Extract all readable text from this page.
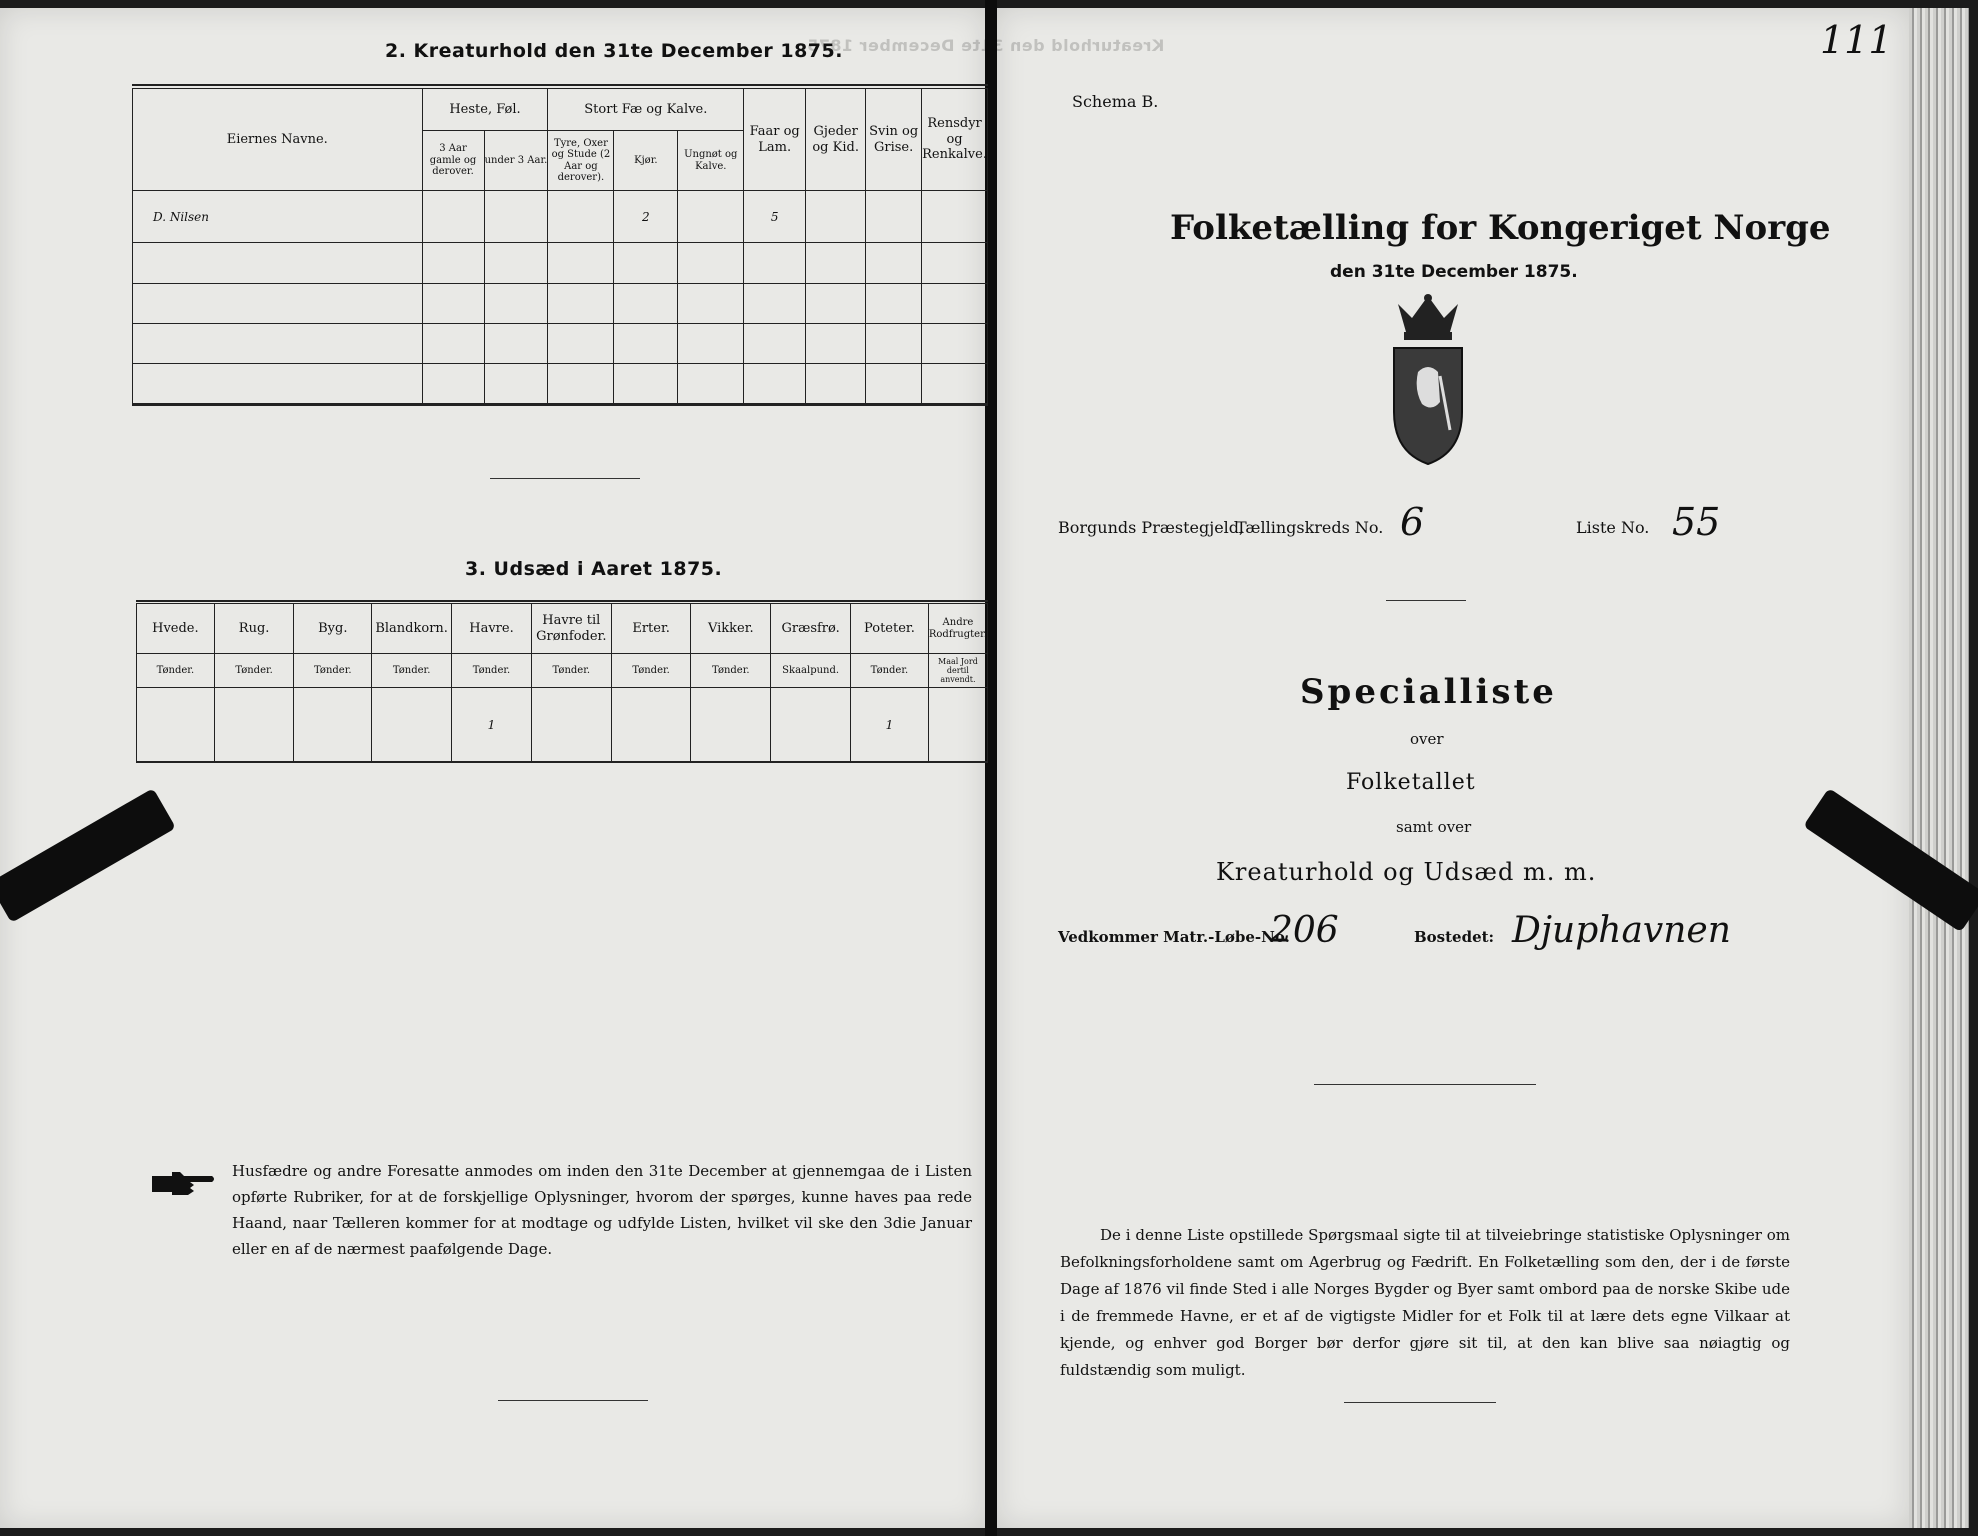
2. Kreaturhold den 31te December 1875.
Kreaturhold den 31te December 1875.
Eiernes Navne.	Heste, Føl.		Stort Fæ og Kalve.			Faar og Lam.	Gjeder og Kid.	Svin og Grise.	Rensdyr og Renkalve.
	3 Aar gamle og derover.	under 3 Aar.	Tyre, Oxer og Stude (2 Aar og derover).	Kjør.	Ungnøt og Kalve.				
D. Nilsen				2		5			

3. Udsæd i Aaret 1875.
Hvede.	Rug.	Byg.	Blandkorn.	Havre.	Havre til Grønfoder.	Erter.	Vikker.	Græsfrø.	Poteter.	Andre Rodfrugter.
Tønder.	Tønder.	Tønder.	Tønder.	Tønder.	Tønder.	Tønder.	Tønder.	Skaalpund.	Tønder.	Maal Jord dertil anvendt.
				1					1	
Husfædre og andre Foresatte anmodes om inden den 31te December at gjennemgaa de i Listen opførte Rubriker, for at de forskjellige Oplysninger, hvorom der spørges, kunne haves paa rede Haand, naar Tælleren kommer for at modtage og udfylde Listen, hvilket vil ske den 3die Januar eller en af de nærmest paafølgende Dage.
111
Schema B.
Folketælling for Kongeriget Norge
den 31te December 1875.
Borgunds Præstegjeld,
Tællingskreds No. 6	Liste No. 55
Specialliste
over
Folketallet
samt over
Kreaturhold og Udsæd m. m.
Vedkommer Matr.-Løbe-No.
206	Bostedet: Djuphavnen
De i denne Liste opstillede Spørgsmaal sigte til at tilveiebringe statistiske Oplysninger om Befolkningsforholdene samt om Agerbrug og Fædrift. En Folketælling som den, der i de første Dage af 1876 vil finde Sted i alle Norges Bygder og Byer samt ombord paa de norske Skibe ude i de fremmede Havne, er et af de vigtigste Midler for et Folk til at lære dets egne Vilkaar at kjende, og enhver god Borger bør derfor gjøre sit til, at den kan blive saa nøiagtig og fuldstændig som muligt.
